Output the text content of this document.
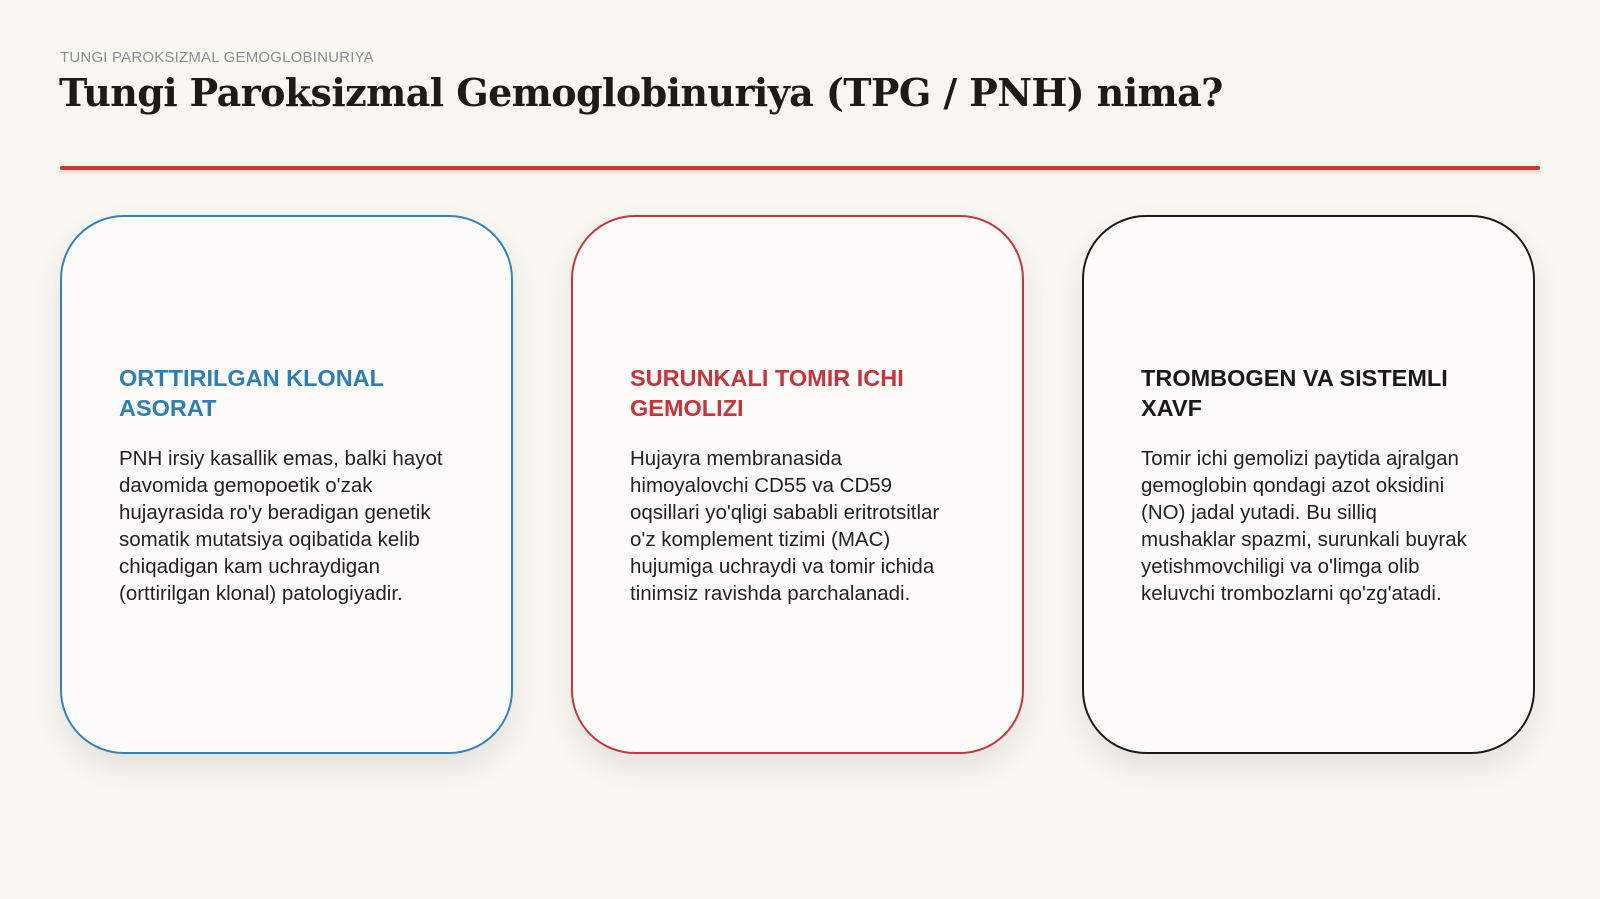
TUNGI PAROKSIZMAL GEMOGLOBINURIYA
Tungi Paroksizmal Gemoglobinuriya (TPG / PNH) nima?
ORTTIRILGAN KLONAL ASORAT

PNH irsiy kasallik emas, balki hayot davomida gemopoetik o'zak hujayrasida ro'y beradigan genetik somatik mutatsiya oqibatida kelib chiqadigan kam uchraydigan (orttirilgan klonal) patologiyadir.

SURUNKALI TOMIR ICHI GEMOLIZI

Hujayra membranasida himoyalovchi CD55 va CD59 oqsillari yo'qligi sababli eritrotsitlar o'z komplement tizimi (MAC) hujumiga uchraydi va tomir ichida tinimsiz ravishda parchalanadi.

TROMBOGEN VA SISTEMLI XAVF

Tomir ichi gemolizi paytida ajralgan gemoglobin qondagi azot oksidini (NO) jadal yutadi. Bu silliq mushaklar spazmi, surunkali buyrak yetishmovchiligi va o'limga olib keluvchi trombozlarni qo'zg'atadi.
